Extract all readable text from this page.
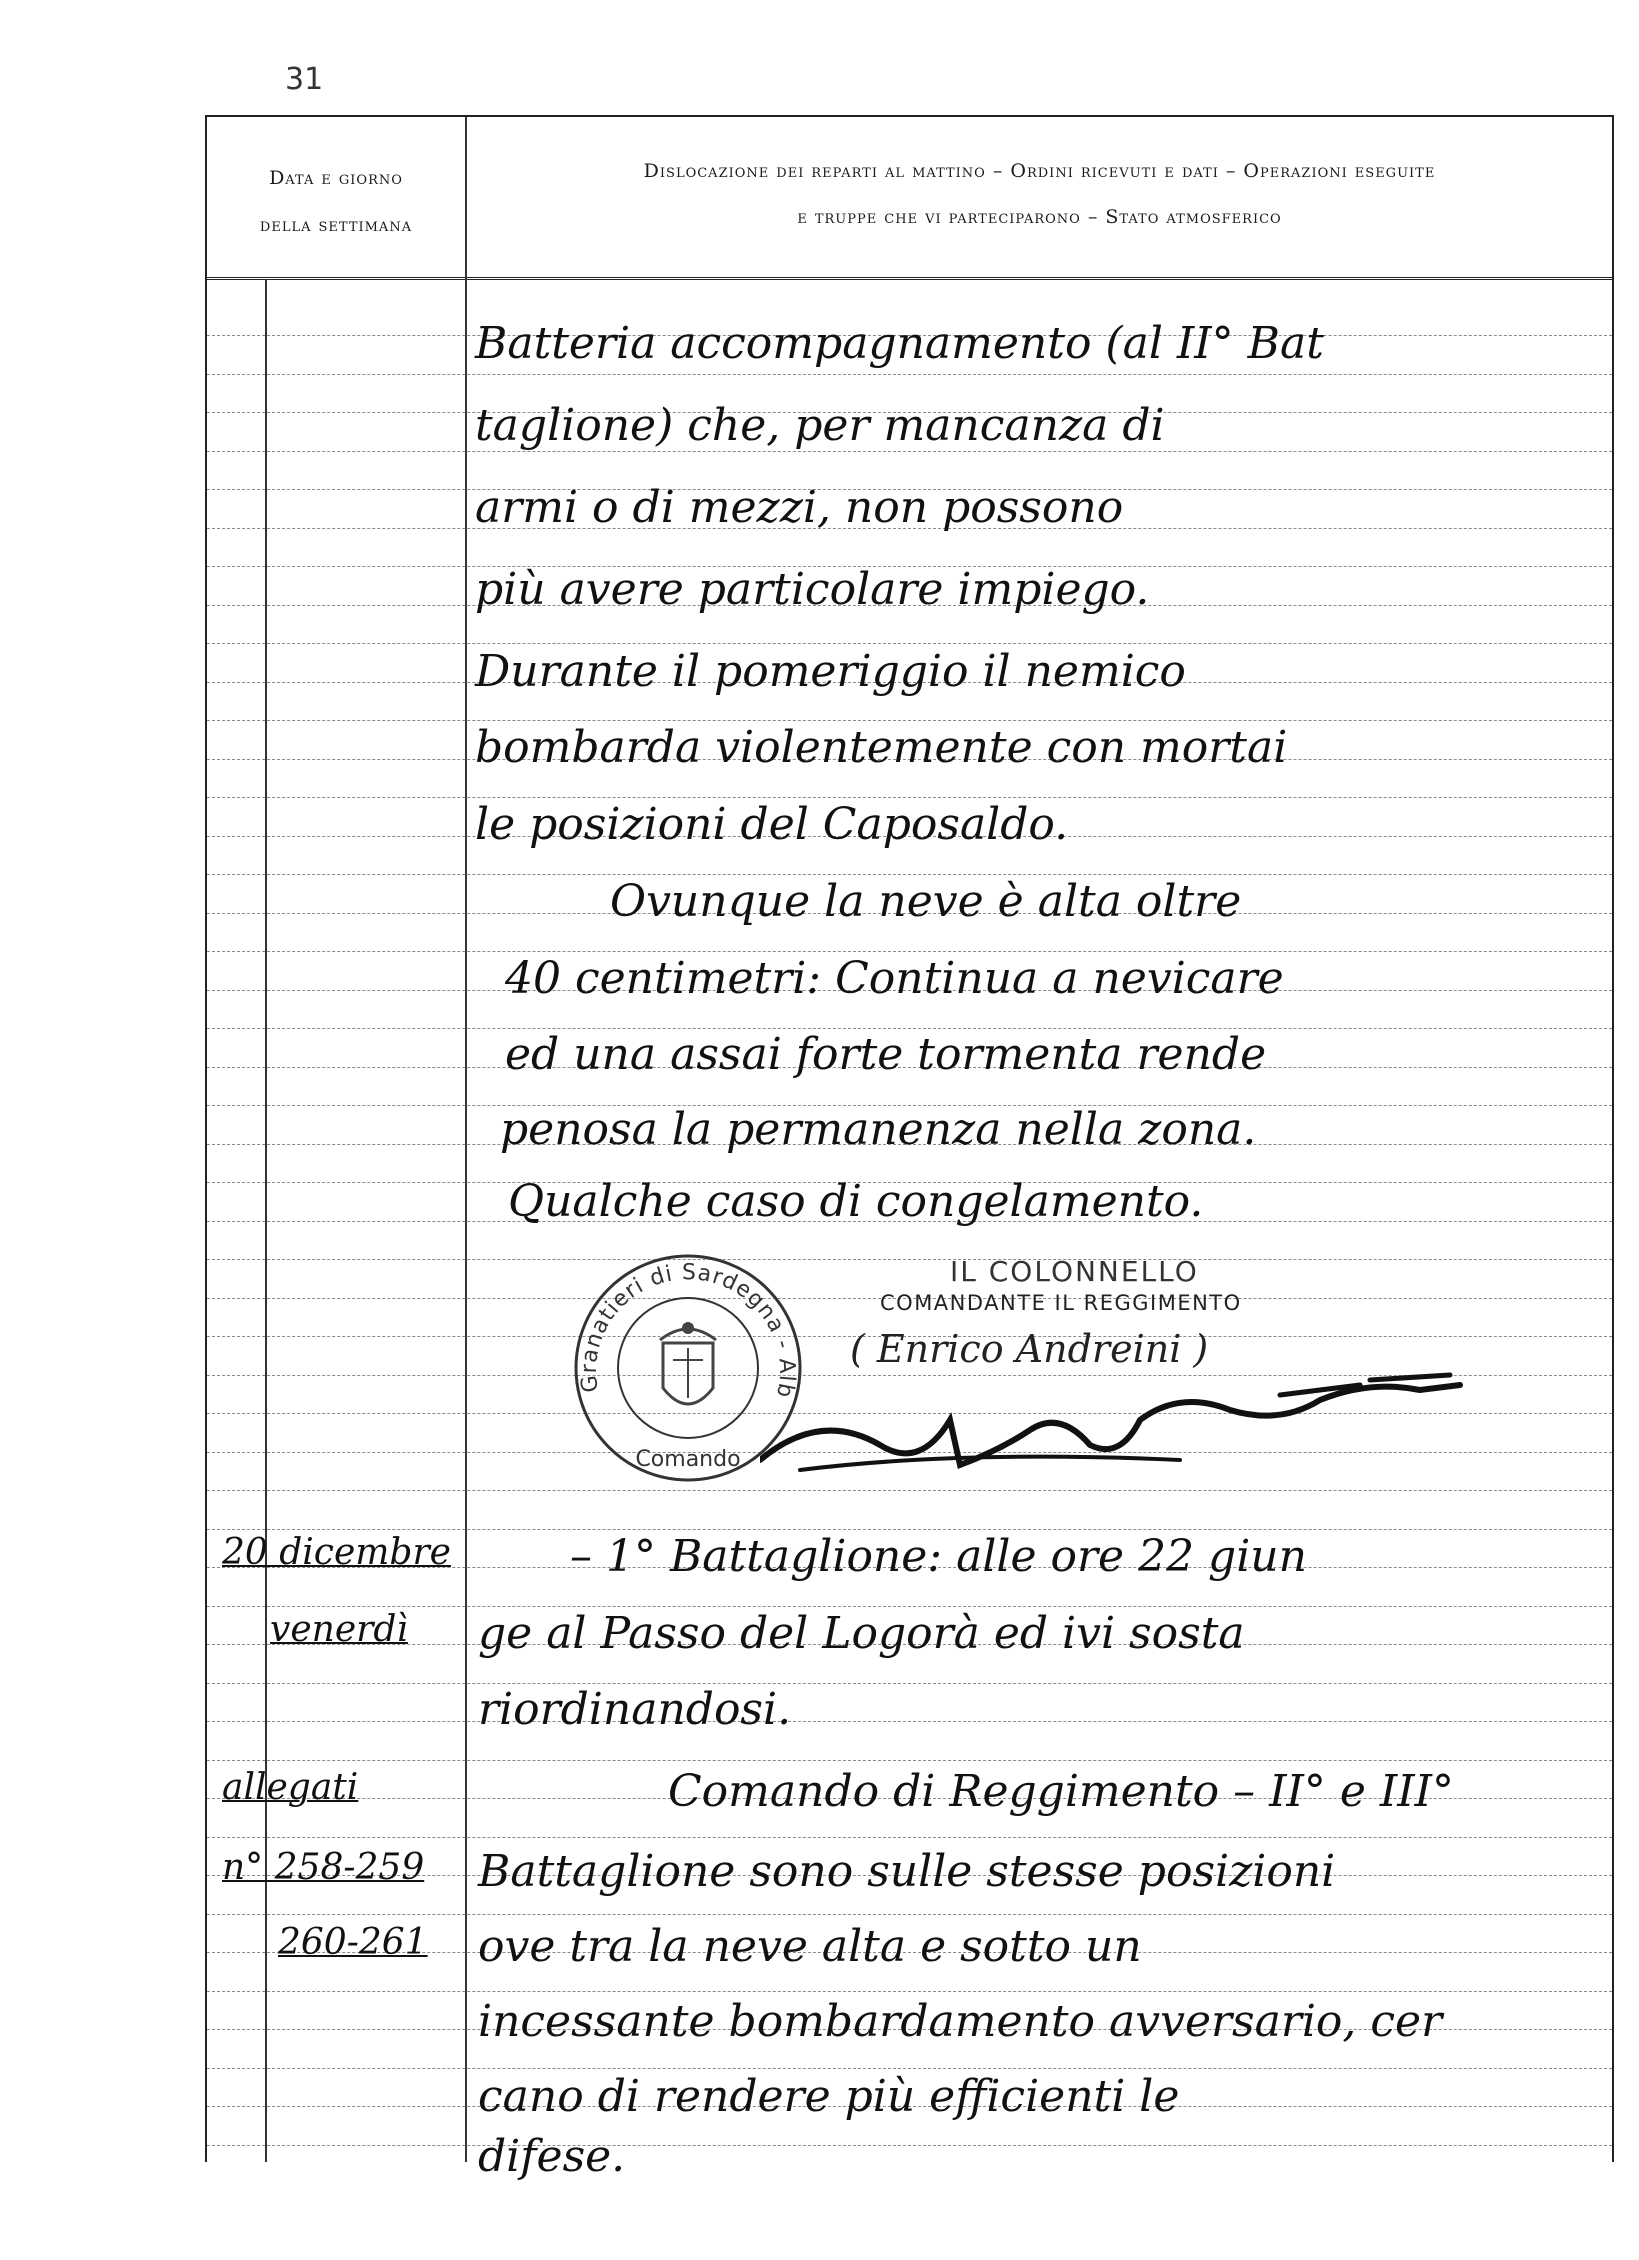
31
Data e giorno
della settimana
Dislocazione dei reparti al mattino – Ordini ricevuti e dati – Operazioni eseguite
e truppe che vi parteciparono – Stato atmosferico
Batteria accompagnamento (al II° Bat
taglione) che, per mancanza di
armi o di mezzi, non possono
più avere particolare impiego.
Durante il pomeriggio il nemico
bombarda violentemente con mortai
le posizioni del Caposaldo.
Ovunque la neve è alta oltre
40 centimetri: Continua a nevicare
ed una assai forte tormenta rende
penosa la permanenza nella zona.
Qualche caso di congelamento.
Granatieri di Sardegna - Alb
Comando
IL COLONNELLO
COMANDANTE IL REGGIMENTO
( Enrico Andreini )
20 dicembre
venerdì
allegati
n° 258-259
260-261
– 1° Battaglione: alle ore 22 giun
ge al Passo del Logorà ed ivi sosta
riordinandosi.
Comando di Reggimento – II° e III°
Battaglione sono sulle stesse posizioni
ove tra la neve alta e sotto un
incessante bombardamento avversario, cer
cano di rendere più efficienti le
difese.
